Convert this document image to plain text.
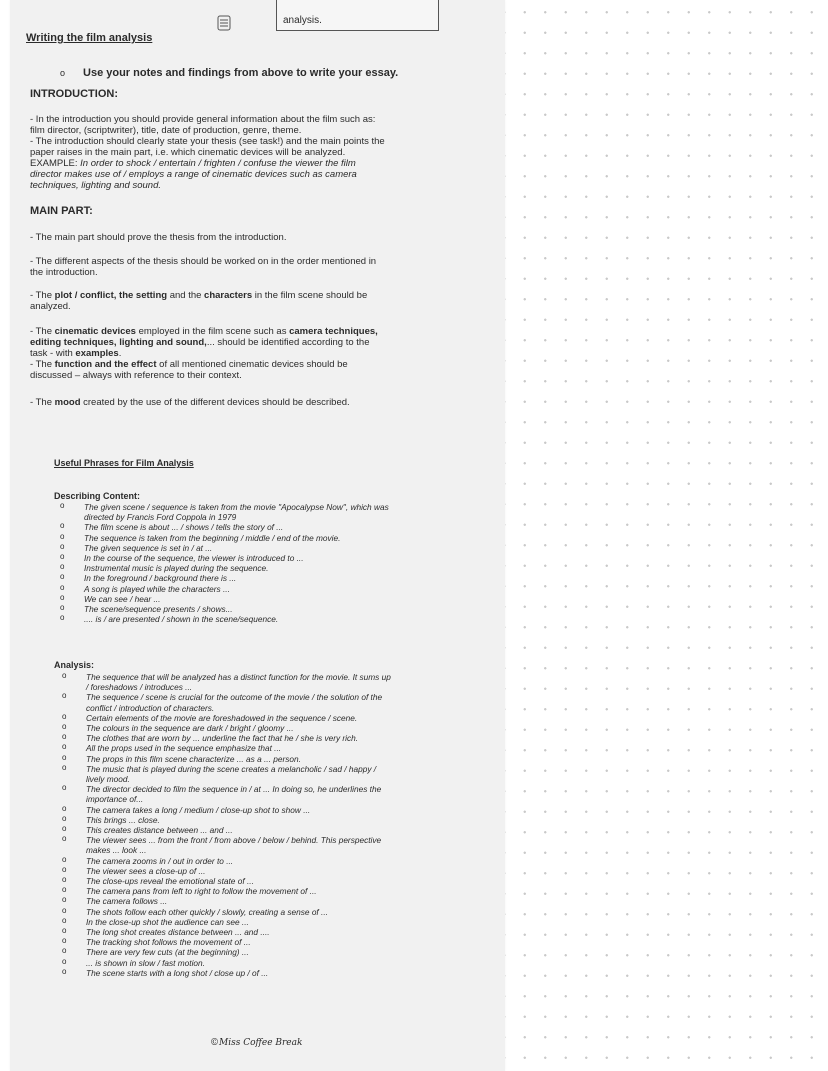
analysis.
Writing the film analysis
o Use your notes and findings from above to write your essay.
INTRODUCTION:
- In the introduction you should provide general information about the film such as:
film director, (scriptwriter), title, date of production, genre, theme.
- The introduction should clearly state your thesis (see task!) and the main points the
paper raises in the main part, i.e. which cinematic devices will be analyzed.
EXAMPLE: In order to shock / entertain / frighten / confuse the viewer the film
director makes use of / employs a range of cinematic devices such as camera
techniques, lighting and sound.
MAIN PART:
- The main part should prove the thesis from the introduction.
- The different aspects of the thesis should be worked on in the order mentioned in
the introduction.
- The plot / conflict, the setting and the characters in the film scene should be
analyzed.
- The cinematic devices employed in the film scene such as camera techniques,
editing techniques, lighting and sound,... should be identified according to the
task - with examples.
- The function and the effect of all mentioned cinematic devices should be
discussed – always with reference to their context.
- The mood created by the use of the different devices should be described.
Useful Phrases for Film Analysis
Describing Content:
o The given scene / sequence is taken from the movie "Apocalypse Now", which was
directed by Francis Ford Coppola in 1979
o The film scene is about ... / shows / tells the story of ...
o The sequence is taken from the beginning / middle / end of the movie.
o The given sequence is set in / at ...
o In the course of the sequence, the viewer is introduced to ...
o Instrumental music is played during the sequence.
o In the foreground / background there is ...
o A song is played while the characters ...
o We can see / hear ...
o The scene/sequence presents / shows...
o .... is / are presented / shown in the scene/sequence.
Analysis:
o The sequence that will be analyzed has a distinct function for the movie. It sums up
/ foreshadows / introduces ...
o The sequence / scene is crucial for the outcome of the movie / the solution of the
conflict / introduction of characters.
o Certain elements of the movie are foreshadowed in the sequence / scene.
o The colours in the sequence are dark / bright / gloomy ...
o The clothes that are worn by ... underline the fact that he / she is very rich.
o All the props used in the sequence emphasize that ...
o The props in this film scene characterize ... as a ... person.
o The music that is played during the scene creates a melancholic / sad / happy /
lively mood.
o The director decided to film the sequence in / at ... In doing so, he underlines the
importance of...
o The camera takes a long / medium / close-up shot to show ...
o This brings ... close.
o This creates distance between ... and ...
o The viewer sees ... from the front / from above / below / behind. This perspective
makes ... look ...
o The camera zooms in / out in order to ...
o The viewer sees a close-up of ...
o The close-ups reveal the emotional state of ...
o The camera pans from left to right to follow the movement of ...
o The camera follows ...
o The shots follow each other quickly / slowly, creating a sense of ...
o In the close-up shot the audience can see ...
o The long shot creates distance between ... and ....
o The tracking shot follows the movement of ...
o There are very few cuts (at the beginning) ...
o ... is shown in slow / fast motion.
o The scene starts with a long shot / close up / of ...
©Miss Coffee Break
